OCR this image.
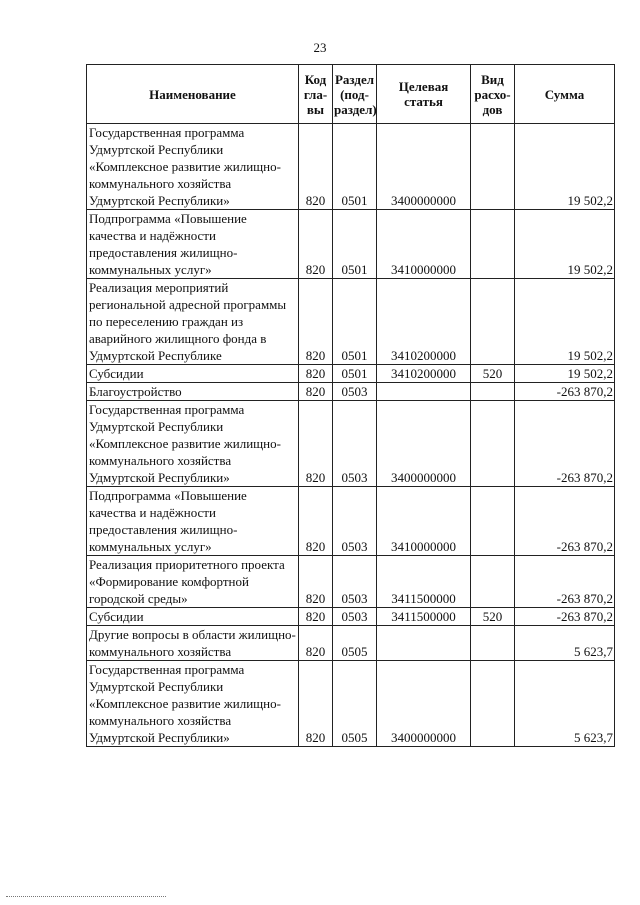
23
Наименование	Код гла-вы	Раздел (под-раздел)	Целевая статья	Вид расхо-дов	Сумма
Государственная программа Удмуртской Республики «Комплексное развитие жилищно-коммунального хозяйства Удмуртской Республики»	820	0501	3400000000		19 502,2
Подпрограмма «Повышение качества и надёжности предоставления жилищно-коммунальных услуг»	820	0501	3410000000		19 502,2
Реализация мероприятий региональной адресной программы по переселению граждан из аварийного жилищного фонда в Удмуртской Республике	820	0501	3410200000		19 502,2
Субсидии	820	0501	3410200000	520	19 502,2
Благоустройство	820	0503			-263 870,2
Государственная программа Удмуртской Республики «Комплексное развитие жилищно-коммунального хозяйства Удмуртской Республики»	820	0503	3400000000		-263 870,2
Подпрограмма «Повышение качества и надёжности предоставления жилищно-коммунальных услуг»	820	0503	3410000000		-263 870,2
Реализация приоритетного проекта «Формирование комфортной городской среды»	820	0503	3411500000		-263 870,2
Субсидии	820	0503	3411500000	520	-263 870,2
Другие вопросы в области жилищно-коммунального хозяйства	820	0505			5 623,7
Государственная программа Удмуртской Республики «Комплексное развитие жилищно-коммунального хозяйства Удмуртской Республики»	820	0505	3400000000		5 623,7
